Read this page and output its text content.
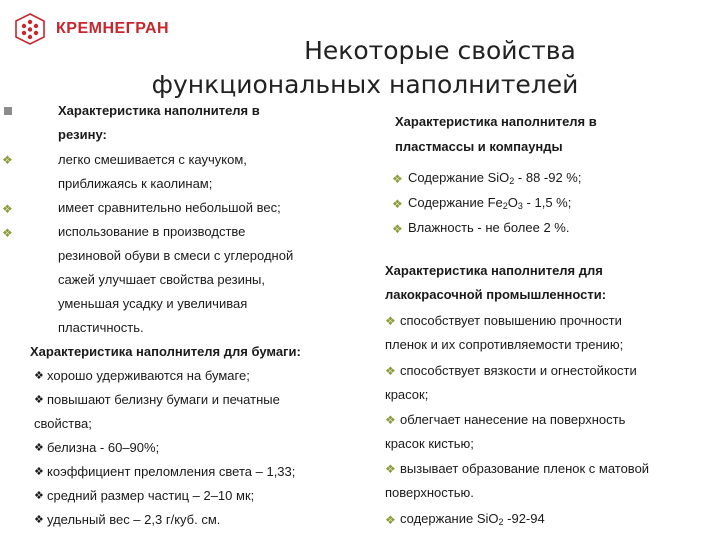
КРЕМНЕГРАН
Некоторые свойства
функциональных наполнителей
Характеристика наполнителя в
резину:
❖	легко смешивается с каучуком,
приближаясь к каолинам;
❖	имеет сравнительно небольшой вес;
❖	использование в производстве
резиновой обуви в смеси с углеродной
сажей улучшает свойства резины,
уменьшая усадку и увеличивая
пластичность.
Характеристика наполнителя для бумаги:
❖ хорошо удерживаются на бумаге;
❖ повышают белизну бумаги и печатные
свойства;
❖ белизна - 60–90%;
❖ коэффициент преломления света – 1,33;
❖ средний размер частиц – 2–10 мк;
❖ удельный вес – 2,3 г/куб. см.
Характеристика наполнителя в
пластмассы и компаунды
❖ Содержание SiO$_2$ - 88 -92 %;
❖ Содержание $Fe_2O_3 - 1,5$ %;
❖ Влажность - не более 2 %.
Характеристика наполнителя для
лакокрасочной промышленности:
❖ способствует повышению прочности
пленок и их сопротивляемости трению;
❖ способствует вязкости и огнестойкости
красок;
❖ облегчает нанесение на поверхность
красок кистью;
❖ вызывает образование пленок с матовой
поверхностью.
❖ содержание SiO$_2$ -92-94
